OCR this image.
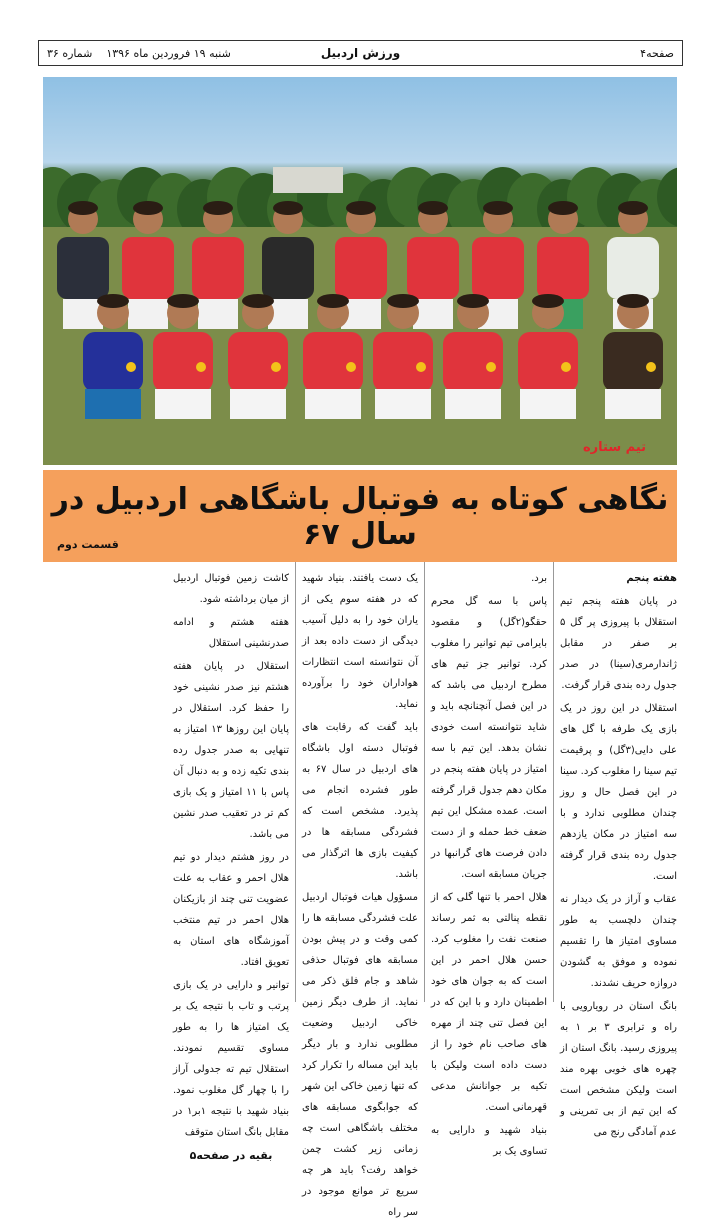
صفحه۴
ورزش اردبیل
شنبه ۱۹ فروردین ماه ۱۳۹۶    شماره ۳۶
تیم ستاره
نگاهی کوتاه به فوتبال باشگاهی اردبیل در سال ۶۷
قسمت دوم

هفته پنجم

در پایان هفته پنجم تیم استقلال با پیروزی پر گل ۵ بر صفر در مقابل ژاندارمری(سینا) در صدر جدول رده بندی قرار گرفت.

استقلال در این روز در یک بازی یک طرفه با گل های علی دایی(۳گل) و پرقیمت تیم سینا را مغلوب کرد. سینا در این فصل حال و روز چندان مطلوبی ندارد و با سه امتیاز در مکان یازدهم جدول رده بندی قرار گرفته است.

عقاب و آراز در یک دیدار نه چندان دلچسب به طور مساوی امتیاز ها را تقسیم نموده و موفق به گشودن دروازه حریف نشدند.

بانگ استان در رویارویی با راه و ترابری ۳ بر ۱ به پیروزی رسید. بانگ استان از چهره های خوبی بهره مند است ولیکن مشخص است که این تیم از بی تمرینی و عدم آمادگی رنج می

برد.

پاس با سه گل محرم حقگو(۲گل) و مقصود بایرامی تیم توانیر را مغلوب کرد. توانیر جز تیم های مطرح اردبیل می باشد که در این فصل آنچنانچه باید و شاید نتوانسته است خودی نشان بدهد. این تیم با سه امتیاز در پایان هفته پنجم در مکان دهم جدول قرار گرفته است. عمده مشکل این تیم ضعف خط حمله و از دست دادن فرصت های گرانبها در جریان مسابقه است.

هلال احمر با تنها گلی که از نقطه پنالتی به ثمر رساند صنعت نفت را مغلوب کرد. حسن هلال احمر در این است که به جوان های خود اطمینان دارد و با این که در این فصل تنی چند از مهره های صاحب نام خود را از دست داده است ولیکن با تکیه بر جوانانش مدعی قهرمانی است.

بنیاد شهید و دارایی به تساوی یک بر

یک دست یافتند. بنیاد شهید که در هفته سوم یکی از یاران خود را به دلیل آسیب دیدگی از دست داده بعد از آن نتوانسته است انتظارات هواداران خود را برآورده نماید.

باید گفت که رقابت های فوتبال دسته اول باشگاه های اردبیل در سال ۶۷ به طور فشرده انجام می پذیرد. مشخص است که فشردگی مسابقه ها در کیفیت بازی ها اثرگذار می باشد.

مسؤول هیات فوتبال اردبیل علت فشردگی مسابقه ها را کمی وقت و در پیش بودن مسابقه های فوتبال حذفی شاهد و جام فلق ذکر می نماید. از طرف دیگر زمین خاکی اردبیل وضعیت مطلوبی ندارد و بار دیگر باید این مساله را تکرار کرد که تنها زمین خاکی این شهر که جوابگوی مسابقه های مختلف باشگاهی است چه زمانی زیر کشت چمن خواهد رفت؟ باید هر چه سریع تر موانع موجود در سر راه

کاشت زمین فوتبال اردبیل از میان برداشته شود.

هفته هشتم و ادامه صدرنشینی استقلال

استقلال در پایان هفته هشتم نیز صدر نشینی خود را حفظ کرد. استقلال در پایان این روزها ۱۳ امتیاز به تنهایی به صدر جدول رده بندی تکیه زده و به دنبال آن پاس با ۱۱ امتیاز و یک بازی کم تر در تعقیب صدر نشین می باشد.

در روز هشتم دیدار دو تیم هلال احمر و عقاب به علت عضویت تنی چند از بازیکنان هلال احمر در تیم منتخب آموزشگاه های استان به تعویق افتاد.

توانیر و دارایی در یک بازی پرتب و تاب با نتیجه یک بر یک امتیاز ها را به طور مساوی تقسیم نمودند. استقلال تیم ته جدولی آراز را با چهار گل مغلوب نمود. بنیاد شهید با نتیجه ۱بر۱ در مقابل بانگ استان متوقف

بقیه در صفحه۵
